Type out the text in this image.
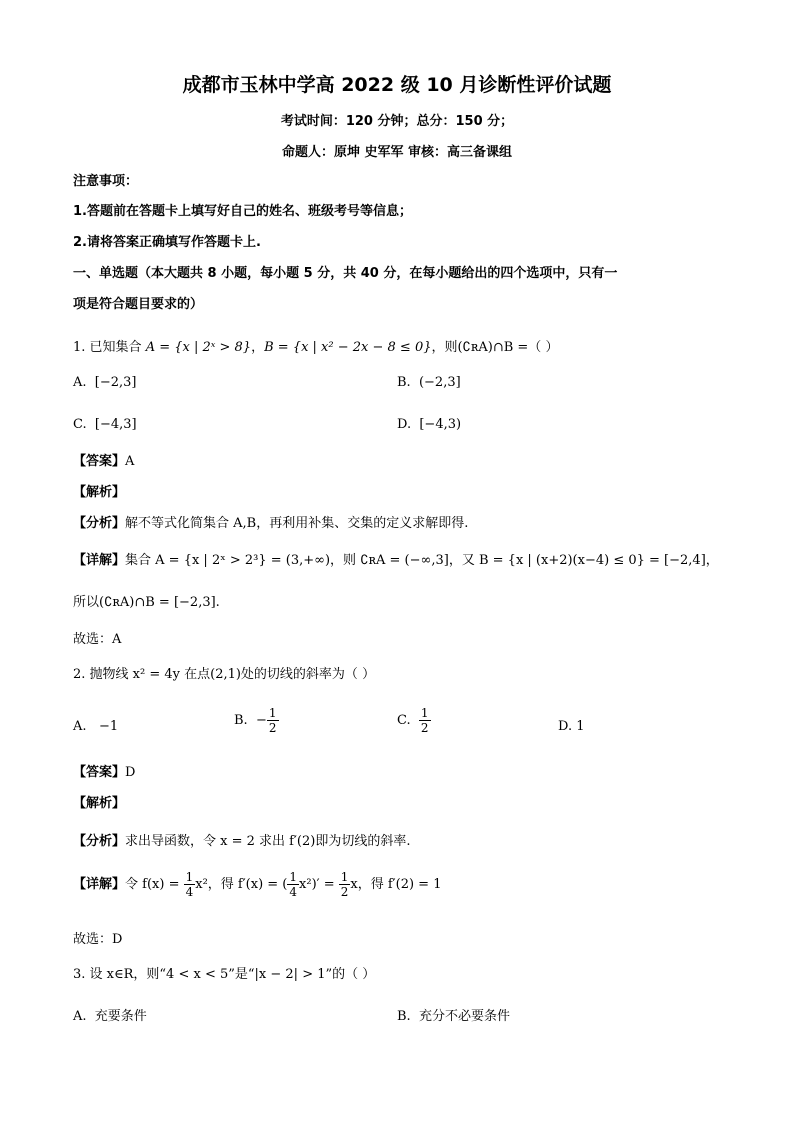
成都市玉林中学高 2022 级 10 月诊断性评价试题
考试时间：120 分钟；总分：150 分；
命题人：原坤 史军军 审核：高三备课组
注意事项：
1.答题前在答题卡上填写好自己的姓名、班级考号等信息；
2.请将答案正确填写作答题卡上.
一、单选题（本大题共 8 小题，每小题 5 分，共 40 分，在每小题给出的四个选项中，只有一
项是符合题目要求的）
1. 已知集合 A = {x | 2ˣ > 8}，B = {x | x² − 2x − 8 ≤ 0}，则(∁ʀA)∩B =（ ）
A. [−2,3]	B. (−2,3]
C. [−4,3]	D. [−4,3)
【答案】A
【解析】
【分析】解不等式化简集合 A,B，再利用补集、交集的定义求解即得.
【详解】集合 A = {x | 2ˣ > 2³} = (3,+∞)，则 ∁ʀA = (−∞,3]，又 B = {x | (x+2)(x−4) ≤ 0} = [−2,4]，
所以(∁ʀA)∩B = [−2,3].
故选：A
2. 抛物线 x² = 4y 在点(2,1)处的切线的斜率为（ ）
A. −1	B. − $\frac{1}{2}$	C. $\frac{1}{2}$	D. 1
【答案】D
【解析】
【分析】求出导函数，令 x = 2 求出 f′(2)即为切线的斜率.
【详解】令 $f(x) = \frac{1}{4} x^2$，得 f′(x) = ( $\frac{1}{4} x^2)' = \frac{1}{2}$ x，得 f′(2) = 1
故选：D
3. 设 x∈R，则“4 < x < 5”是“|x − 2| > 1”的（ ）
A. 充要条件	B. 充分不必要条件
